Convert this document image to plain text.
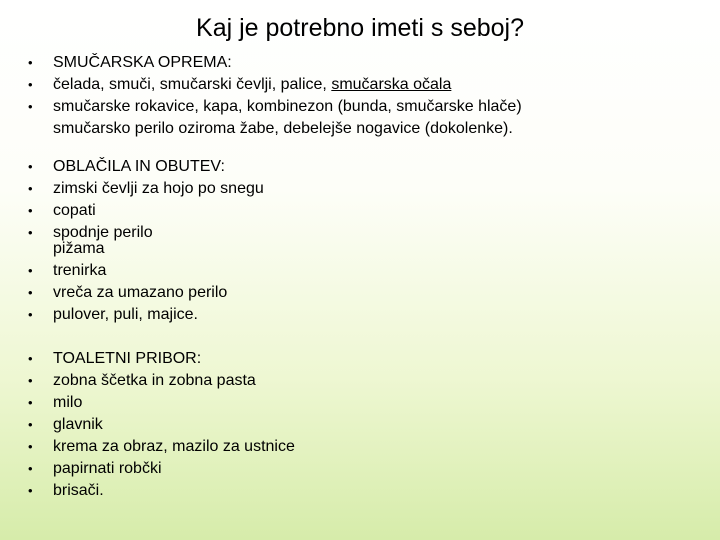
Kaj je potrebno imeti s seboj?
•	SMUČARSKA OPREMA:
•	čelada, smuči, smučarski čevlji, palice, smučarska očala
•	smučarske rokavice, kapa, kombinezon (bunda, smučarske hlače)
smučarsko perilo oziroma žabe, debelejše nogavice (dokolenke).
•	OBLAČILA IN OBUTEV:
•	zimski čevlji za hojo po snegu
•	copati
•	spodnje perilo
pižama
•	trenirka
•	vreča za umazano perilo
•	pulover, puli, majice.
•	TOALETNI PRIBOR:
•	zobna ščetka in zobna pasta
•	milo
•	glavnik
•	krema za obraz, mazilo za ustnice
•	papirnati robčki
•	brisači.
